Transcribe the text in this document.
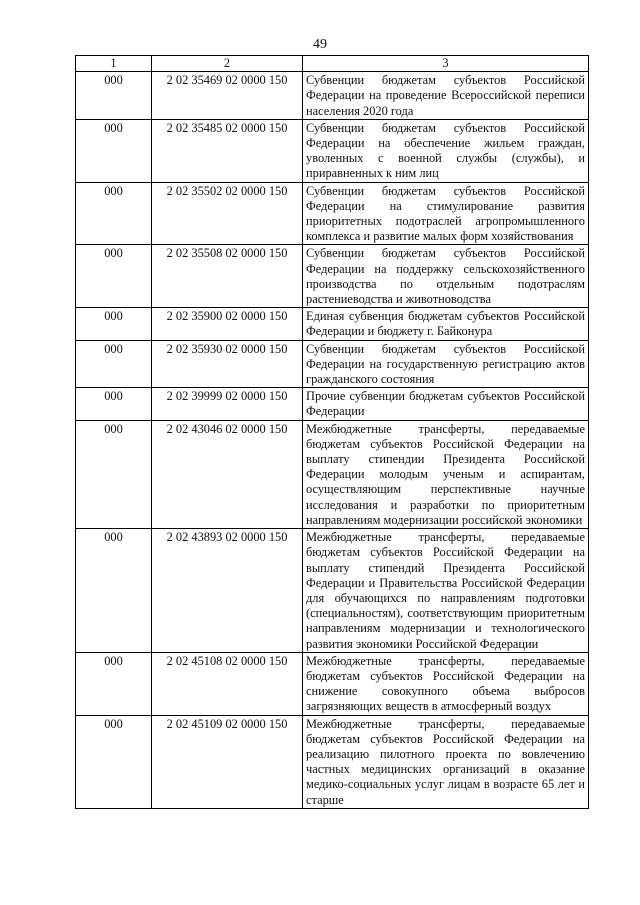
49
1	2	3
000	2 02 35469 02 0000 150	Субвенции бюджетам субъектов Российской Федерации на проведение Всероссийской переписи населения 2020 года
000	2 02 35485 02 0000 150	Субвенции бюджетам субъектов Российской Федерации на обеспечение жильем граждан, уволенных с военной службы (службы), и приравненных к ним лиц
000	2 02 35502 02 0000 150	Субвенции бюджетам субъектов Российской Федерации на стимулирование развития приоритетных подотраслей агропромышленного комплекса и развитие малых форм хозяйствования
000	2 02 35508 02 0000 150	Субвенции бюджетам субъектов Российской Федерации на поддержку сельскохозяйственного производства по отдельным подотраслям растениеводства и животноводства
000	2 02 35900 02 0000 150	Единая субвенция бюджетам субъектов Российской Федерации и бюджету г. Байконура
000	2 02 35930 02 0000 150	Субвенции бюджетам субъектов Российской Федерации на государственную регистрацию актов гражданского состояния
000	2 02 39999 02 0000 150	Прочие субвенции бюджетам субъектов Российской Федерации
000	2 02 43046 02 0000 150	Межбюджетные трансферты, передаваемые бюджетам субъектов Российской Федерации на выплату стипендии Президента Российской Федерации молодым ученым и аспирантам, осуществляющим перспективные научные исследования и разработки по приоритетным направлениям модернизации российской экономики
000	2 02 43893 02 0000 150	Межбюджетные трансферты, передаваемые бюджетам субъектов Российской Федерации на выплату стипендий Президента Российской Федерации и Правительства Российской Федерации для обучающихся по направлениям подготовки (специальностям), соответствующим приоритетным направлениям модернизации и технологического развития экономики Российской Федерации
000	2 02 45108 02 0000 150	Межбюджетные трансферты, передаваемые бюджетам субъектов Российской Федерации на снижение совокупного объема выбросов загрязняющих веществ в атмосферный воздух
000	2 02 45109 02 0000 150	Межбюджетные трансферты, передаваемые бюджетам субъектов Российской Федерации на реализацию пилотного проекта по вовлечению частных медицинских организаций в оказание медико-социальных услуг лицам в возрасте 65 лет и старше
